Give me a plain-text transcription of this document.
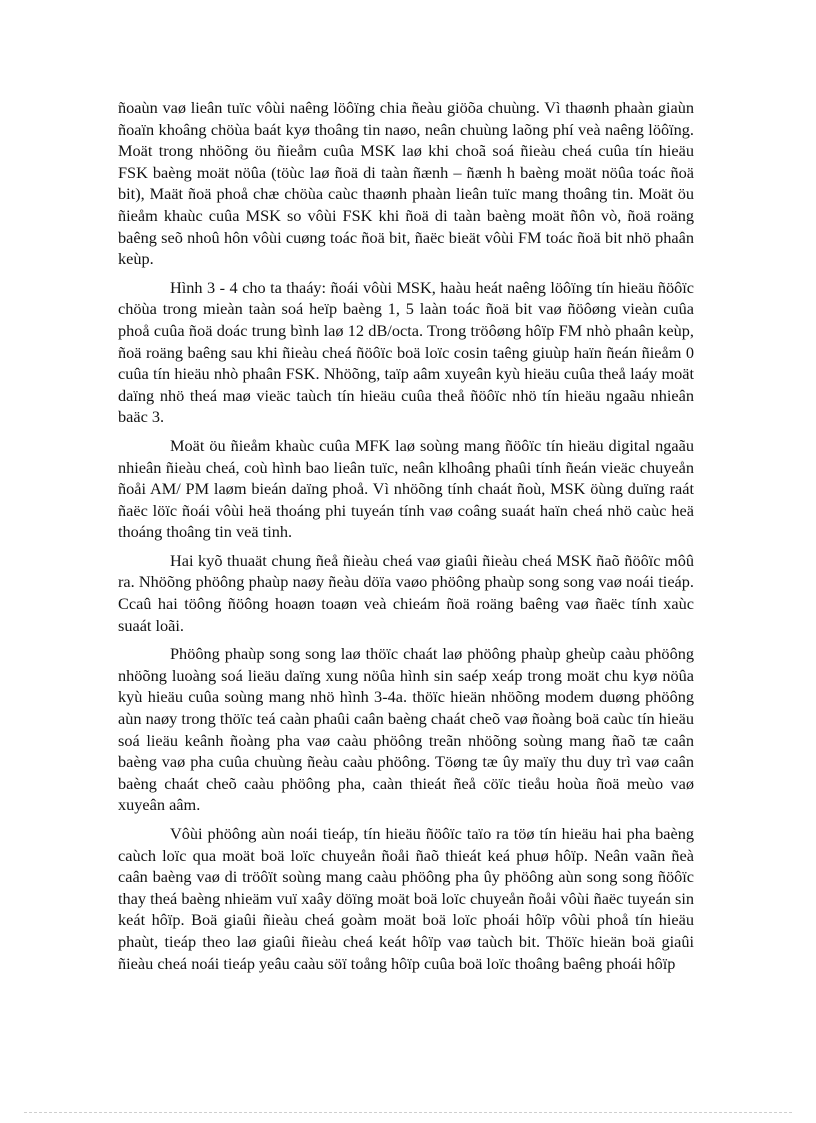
ñoaùn vaø lieân tuïc vôùi naêng löôïng chia ñeàu giöõa chuùng. Vì thaønh phaàn giaùn ñoaïn khoâng chöùa baát kyø thoâng tin naøo, neân chuùng laõng phí veà naêng löôïng. Moät trong nhöõng öu ñieåm cuûa MSK laø khi choã soá ñieàu cheá cuûa tín hieäu FSK baèng moät nöûa (töùc laø ñoä di taàn ñænh – ñænh h baèng moät nöûa toác ñoä bit), Maät ñoä phoå chæ chöùa caùc thaønh phaàn lieân tuïc mang thoâng tin. Moät öu ñieåm khaùc cuûa MSK so vôùi FSK khi ñoä di taàn baèng moät ñôn vò, ñoä roäng baêng seõ nhoû hôn vôùi cuøng toác ñoä bit, ñaëc bieät vôùi FM toác ñoä bit nhö phaân keùp.

Hình 3 - 4 cho ta thaáy: ñoái vôùi MSK, haàu heát naêng löôïng tín hieäu ñöôïc chöùa trong mieàn taàn soá heïp baèng 1, 5 laàn toác ñoä bit vaø ñöôøng vieàn cuûa phoå cuûa ñoä doác trung bình laø 12 dB/octa. Trong tröôøng hôïp FM nhò phaân keùp, ñoä roäng baêng sau khi ñieàu cheá ñöôïc boä loïc cosin taêng giuùp haïn ñeán ñieåm 0 cuûa tín hieäu nhò phaân FSK. Nhöõng, taïp aâm xuyeân kyù hieäu cuûa theå laáy moät daïng nhö theá maø vieäc taùch tín hieäu cuûa theå ñöôïc nhö tín hieäu ngaãu nhieân baäc 3.

Moät öu ñieåm khaùc cuûa MFK laø soùng mang ñöôïc tín hieäu digital ngaãu nhieân ñieàu cheá, coù hình bao lieân tuïc, neân klhoâng phaûi tính ñeán vieäc chuyeån ñoåi AM/ PM laøm bieán daïng phoå. Vì nhöõng tính chaát ñoù, MSK öùng duïng raát ñaëc löïc ñoái vôùi heä thoáng phi tuyeán tính vaø coâng suaát haïn cheá nhö caùc heä thoáng thoâng tin veä tinh.

Hai kyõ thuaät chung ñeå ñieàu cheá vaø giaûi ñieàu cheá MSK ñaõ ñöôïc môû ra. Nhöõng phöông phaùp naøy ñeàu döïa vaøo phöông phaùp song song vaø noái tieáp. Ccaû hai töông ñöông hoaøn toaøn veà chieám ñoä roäng baêng vaø ñaëc tính xaùc suaát loãi.

Phöông phaùp song song laø thöïc chaát laø phöông phaùp gheùp caàu phöông nhöõng luoàng soá lieäu daïng xung nöûa hình sin saép xeáp trong moät chu kyø nöûa kyù hieäu cuûa soùng mang nhö hình 3-4a. thöïc hieän nhöõng modem duøng phöông aùn naøy trong thöïc teá caàn phaûi caân baèng chaát cheõ vaø ñoàng boä caùc tín hieäu soá lieäu keânh ñoàng pha vaø caàu phöông treãn nhöõng soùng mang ñaõ tæ caân baèng vaø pha cuûa chuùng ñeàu caàu phöông. Töøng tæ ûy maïy thu duy trì vaø caân baèng chaát cheõ caàu phöông pha, caàn thieát ñeå cöïc tieåu hoùa ñoä meùo vaø xuyeân aâm.

Vôùi phöông aùn noái tieáp, tín hieäu ñöôïc taïo ra töø tín hieäu hai pha baèng caùch loïc qua moät boä loïc chuyeån ñoåi ñaõ thieát keá phuø hôïp. Neân vaãn ñeà caân baèng vaø di tröôït soùng mang caàu phöông pha ûy phöông aùn song song ñöôïc thay theá baèng nhieäm vuï xaây döïng moät boä loïc chuyeån ñoåi vôùi ñaëc tuyeán sin keát hôïp. Boä giaûi ñieàu cheá goàm moät boä loïc phoái hôïp vôùi phoå tín hieäu phaùt, tieáp theo laø giaûi ñieàu cheá keát hôïp vaø taùch bit. Thöïc hieän boä giaûi ñieàu cheá noái tieáp yeâu caàu söï toång hôïp cuûa boä loïc thoâng baêng phoái hôïp
